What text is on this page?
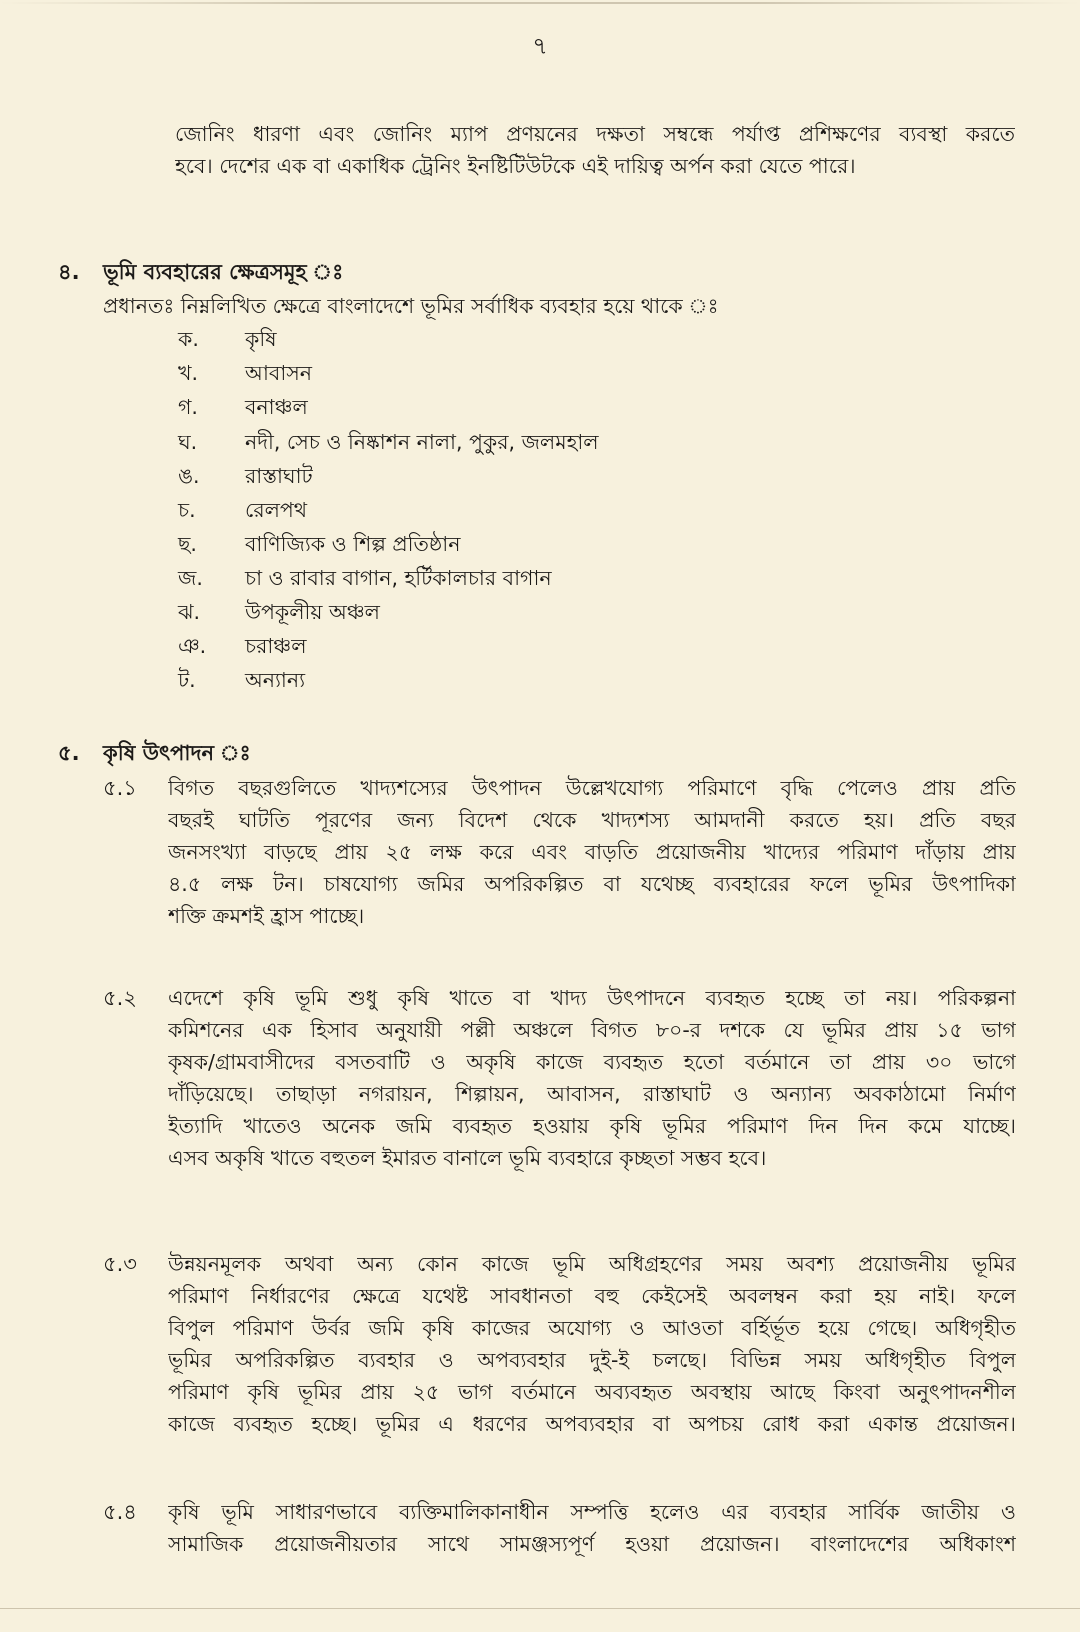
৭
জোনিং ধারণা এবং জোনিং ম্যাপ প্রণয়নের দক্ষতা সম্বন্ধে পর্যাপ্ত প্রশিক্ষণের ব্যবস্থা করতে
হবে। দেশের এক বা একাধিক ট্রেনিং ইনষ্টিটিউটকে এই দায়িত্ব অর্পন করা যেতে পারে।
৪. ভূমি ব্যবহারের ক্ষেত্রসমূহ ঃ
প্রধানতঃ নিম্নলিখিত ক্ষেত্রে বাংলাদেশে ভূমির সর্বাধিক ব্যবহার হয়ে থাকে ঃ
ক. কৃষি
খ. আবাসন
গ. বনাঞ্চল
ঘ. নদী, সেচ ও নিষ্কাশন নালা, পুকুর, জলমহাল
ঙ. রাস্তাঘাট
চ. রেলপথ
ছ. বাণিজ্যিক ও শিল্প প্রতিষ্ঠান
জ. চা ও রাবার বাগান, হর্টিকালচার বাগান
ঝ. উপকূলীয় অঞ্চল
ঞ. চরাঞ্চল
ট. অন্যান্য
৫. কৃষি উৎপাদন ঃ
৫.১ বিগত বছরগুলিতে খাদ্যশস্যের উৎপাদন উল্লেখযোগ্য পরিমাণে বৃদ্ধি পেলেও প্রায় প্রতি
বছরই ঘাটতি পূরণের জন্য বিদেশ থেকে খাদ্যশস্য আমদানী করতে হয়। প্রতি বছর
জনসংখ্যা বাড়ছে প্রায় ২৫ লক্ষ করে এবং বাড়তি প্রয়োজনীয় খাদ্যের পরিমাণ দাঁড়ায় প্রায়
৪.৫ লক্ষ টন। চাষযোগ্য জমির অপরিকল্পিত বা যথেচ্ছ ব্যবহারের ফলে ভূমির উৎপাদিকা
শক্তি ক্রমশই হ্রাস পাচ্ছে।
৫.২ এদেশে কৃষি ভূমি শুধু কৃষি খাতে বা খাদ্য উৎপাদনে ব্যবহৃত হচ্ছে তা নয়। পরিকল্পনা
কমিশনের এক হিসাব অনুযায়ী পল্লী অঞ্চলে বিগত ৮০-র দশকে যে ভূমির প্রায় ১৫ ভাগ
কৃষক/গ্রামবাসীদের বসতবাটি ও অকৃষি কাজে ব্যবহৃত হতো বর্তমানে তা প্রায় ৩০ ভাগে
দাঁড়িয়েছে। তাছাড়া নগরায়ন, শিল্পায়ন, আবাসন, রাস্তাঘাট ও অন্যান্য অবকাঠামো নির্মাণ
ইত্যাদি খাতেও অনেক জমি ব্যবহৃত হওয়ায় কৃষি ভূমির পরিমাণ দিন দিন কমে যাচ্ছে।
এসব অকৃষি খাতে বহুতল ইমারত বানালে ভূমি ব্যবহারে কৃচ্ছতা সম্ভব হবে।
৫.৩ উন্নয়নমূলক অথবা অন্য কোন কাজে ভূমি অধিগ্রহণের সময় অবশ্য প্রয়োজনীয় ভূমির
পরিমাণ নির্ধারণের ক্ষেত্রে যথেষ্ট সাবধানতা বহু কেইসেই অবলম্বন করা হয় নাই। ফলে
বিপুল পরিমাণ উর্বর জমি কৃষি কাজের অযোগ্য ও আওতা বর্হির্ভূত হয়ে গেছে। অধিগৃহীত
ভূমির অপরিকল্পিত ব্যবহার ও অপব্যবহার দুই-ই চলছে। বিভিন্ন সময় অধিগৃহীত বিপুল
পরিমাণ কৃষি ভূমির প্রায় ২৫ ভাগ বর্তমানে অব্যবহৃত অবস্থায় আছে কিংবা অনুৎপাদনশীল
কাজে ব্যবহৃত হচ্ছে। ভূমির এ ধরণের অপব্যবহার বা অপচয় রোধ করা একান্ত প্রয়োজন।
৫.৪ কৃষি ভূমি সাধারণভাবে ব্যক্তিমালিকানাধীন সম্পত্তি হলেও এর ব্যবহার সার্বিক জাতীয় ও
সামাজিক প্রয়োজনীয়তার সাথে সামঞ্জস্যপূর্ণ হওয়া প্রয়োজন। বাংলাদেশের অধিকাংশ
